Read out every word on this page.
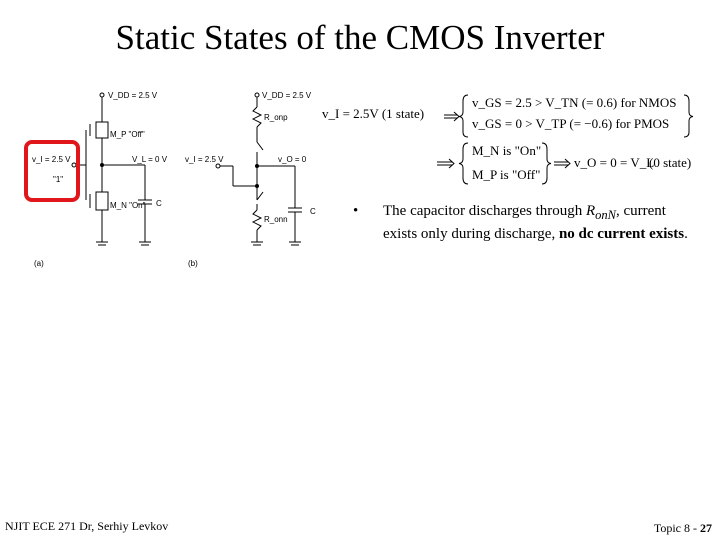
Static States of the CMOS Inverter
V_DD = 2.5 V
M_P "Off"
v_I = 2.5 V
"1"
V_L = 0 V
M_N "On" C
(a)
V_DD = 2.5 V
R_onp
v_I = 2.5 V	v_O = 0
R_onn
C
(b)
v_I = 2.5V (1 state)
v_GS = 2.5 > V_TN (= 0.6) for NMOS
v_GS = 0 > V_TP (= −0.6) for PMOS
M_N is "On"
M_P is "Off"
v_O = 0 = V_L
(0 state)
• The capacitor discharges through $R_{onN}$, current exists only during discharge, no dc current exists.
NJIT ECE 271 Dr, Serhiy Levkov	Topic 8 - 27
